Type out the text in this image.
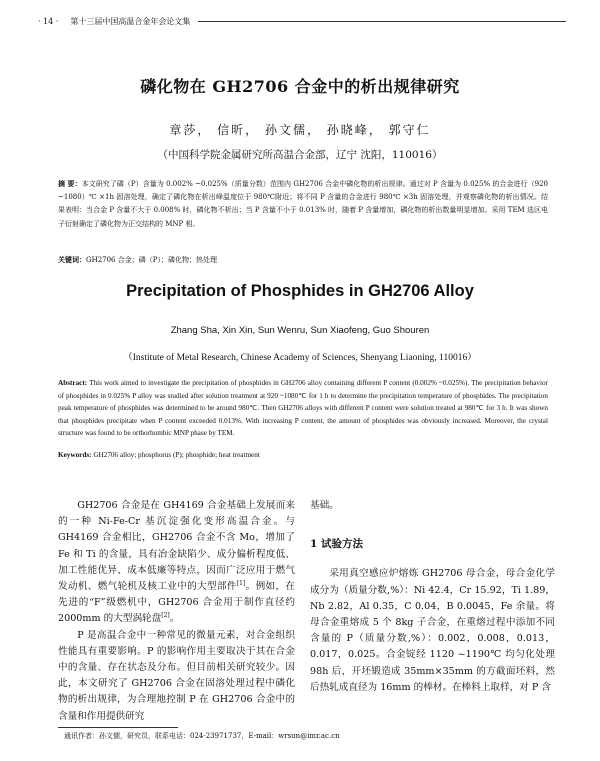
· 14 · 第十三届中国高温合金年会论文集
磷化物在 GH2706 合金中的析出规律研究
章莎， 信昕， 孙文儒， 孙晓峰， 郭守仁
（中国科学院金属研究所高温合金部，辽宁 沈阳，110016）
摘 要：本文研究了磷（P）含量为 0.002% ~0.025%（质量分数）范围内 GH2706 合金中磷化物的析出规律。通过对 P 含量为 0.025% 的合金进行（920 ~1080）℃ ×1h 固溶处理，确定了磷化物在析出峰温度位于 980℃附近；将不同 P 含量的合金进行 980℃ ×3h 固溶处理，并观察磷化物的析出情况。结果表明：当合金 P 含量不大于 0.008% 时，磷化物不析出；当 P 含量不小于 0.013% 时，随着 P 含量增加，磷化物的析出数量明显增加。采用 TEM 选区电子衍射确定了磷化物为正交结构的 MNP 相。
关键词：GH2706 合金；磷（P）；磷化物；热处理
Precipitation of Phosphides in GH2706 Alloy
Zhang Sha, Xin Xin, Sun Wenru, Sun Xiaofeng, Guo Shouren
（Institute of Metal Research, Chinese Academy of Sciences, Shenyang Liaoning, 110016）
Abstract: This work aimed to investigate the precipitation of phosphides in GH2706 alloy containing different P content (0.002% ~0.025%). The precipitation behavior of phosphides in 0.025% P alloy was studied after solution treatment at 920 ~1080℃ for 1 h to determine the precipitation temperature of phosphides. The precipitation peak temperature of phosphides was determined to be around 980℃. Then GH2706 alloys with different P content were solution treated at 980℃ for 3 h. It was shown that phosphides precipitate when P content exceeded 0.013%. With increasing P content, the amount of phosphides was obviously increased. Moreover, the crystal structure was found to be orthorhombic MNP phase by TEM.
Keywords: GH2706 alloy; phosphorus (P); phosphide; heat treatment

GH2706 合金是在 GH4169 合金基础上发展而来的一种 Ni-Fe-Cr 基沉淀强化变形高温合金。与 GH4169 合金相比，GH2706 合金不含 Mo，增加了 Fe 和 Ti 的含量，具有冶金缺陷少、成分偏析程度低、加工性能优异、成本低廉等特点，因而广泛应用于燃气发动机、燃气轮机及核工业中的大型部件[1]。例如，在先进的“F”级燃机中，GH2706 合金用于制作直径约 2000mm 的大型涡轮盘[2]。

P 是高温合金中一种常见的微量元素，对合金组织性能具有重要影响。P 的影响作用主要取决于其在合金中的含量、存在状态及分布。但目前相关研究较少。因此，本文研究了 GH2706 合金在固溶处理过程中磷化物的析出规律，为合理地控制 P 在 GH2706 合金中的含量和作用提供研究

基础。

1 试验方法

采用真空感应炉熔炼 GH2706 母合金，母合金化学成分为（质量分数,%）：Ni 42.4，Cr 15.92，Ti 1.89，Nb 2.82，Al 0.35，C 0.04，B 0.0045，Fe 余量。将母合金重熔成 5 个 8kg 子合金，在重熔过程中添加不同含量的 P（质量分数,%）：0.002，0.008，0.013，0.017，0.025。合金锭经 1120 ~1190℃ 均匀化处理 98h 后，开坯锻造成 35mm×35mm 的方截面坯料，然后热轧成直径为 16mm 的棒材。在棒料上取样，对 P 含

通讯作者：孙文儒，研究员，联系电话：024-23971737，E-mail：wrsun@imr.ac.cn
